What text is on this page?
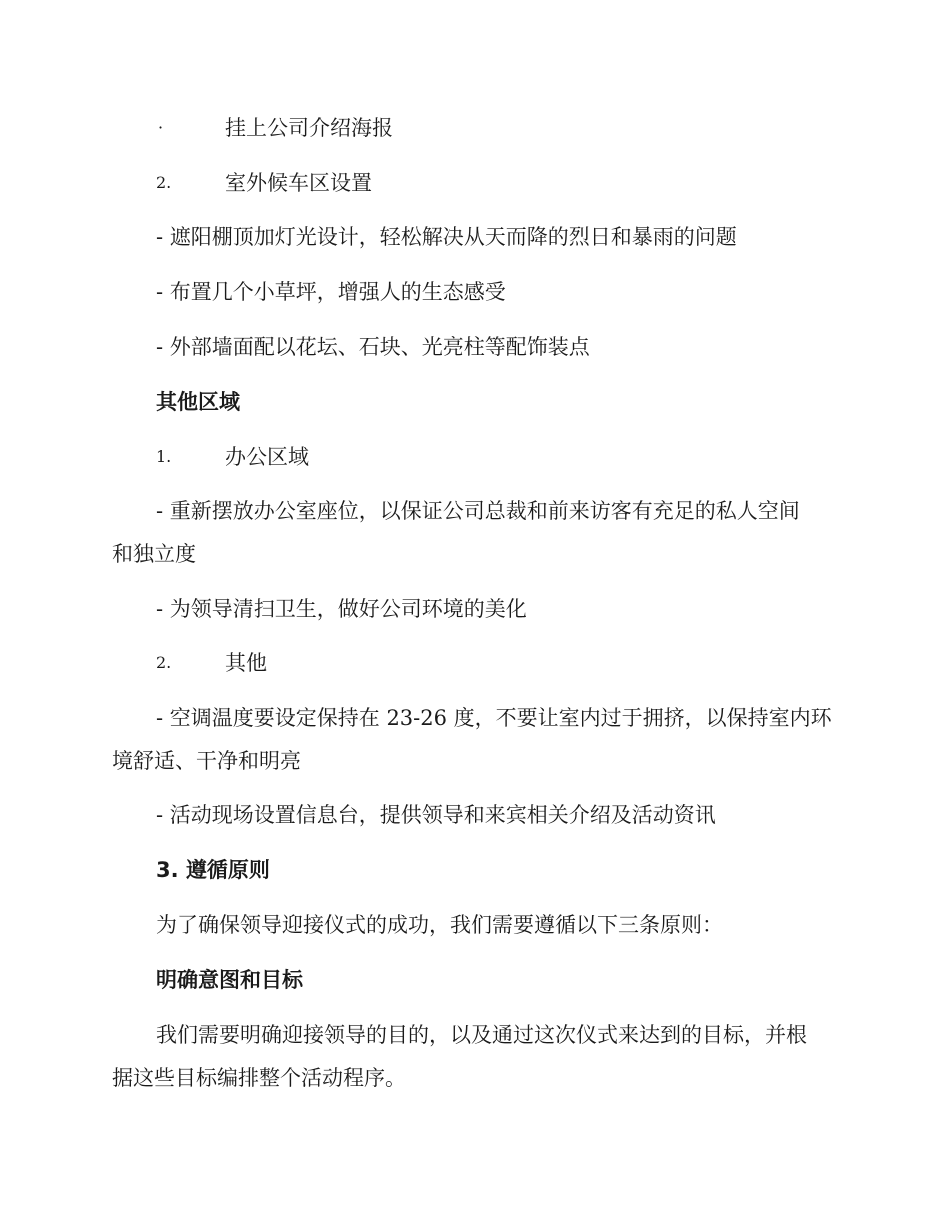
·	挂上公司介绍海报
2.	室外候车区设置
- 遮阳棚顶加灯光设计，轻松解决从天而降的烈日和暴雨的问题
- 布置几个小草坪，增强人的生态感受
- 外部墙面配以花坛、石块、光亮柱等配饰装点
其他区域
1.	办公区域
- 重新摆放办公室座位，以保证公司总裁和前来访客有充足的私人空间
和独立度
- 为领导清扫卫生，做好公司环境的美化
2.	其他
- 空调温度要设定保持在 23-26 度，不要让室内过于拥挤，以保持室内环
境舒适、干净和明亮
- 活动现场设置信息台，提供领导和来宾相关介绍及活动资讯
3. 遵循原则
为了确保领导迎接仪式的成功，我们需要遵循以下三条原则：
明确意图和目标
我们需要明确迎接领导的目的，以及通过这次仪式来达到的目标，并根
据这些目标编排整个活动程序。
